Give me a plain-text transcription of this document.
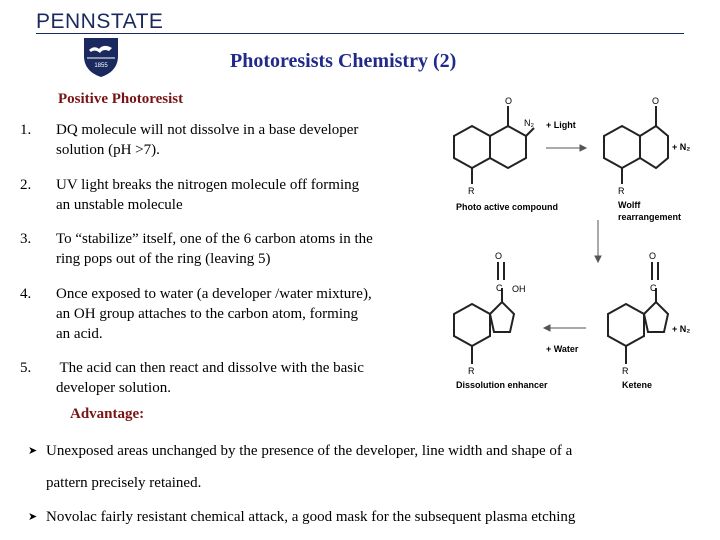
PENNSTATE
1855	Photoresists Chemistry (2)
Positive Photoresist
1. DQ molecule will not dissolve in a base developer
solution (pH >7).
2. UV light breaks the nitrogen molecule off forming
an unstable molecule
3. To “stabilize” itself, one of the 6 carbon atoms in the
ring pops out of the ring (leaving 5)
4. Once exposed to water (a developer /water mixture),
an OH group attaches to the carbon atom, forming
an acid.
5. The acid can then react and dissolve with the basic
developer solution.
Advantage:
➤ Unexposed areas unchanged by the presence of the developer, line width and shape of a
pattern precisely retained.
➤ Novolac fairly resistant chemical attack, a good mask for the subsequent plasma etching
O
N₂
R
Photo active compound
+ Light
O
+ N₂
R
Wolff
rearrangement
O
C OH
R
Dissolution enhancer
+ Water
O
C
+ N₂
R
Ketene
